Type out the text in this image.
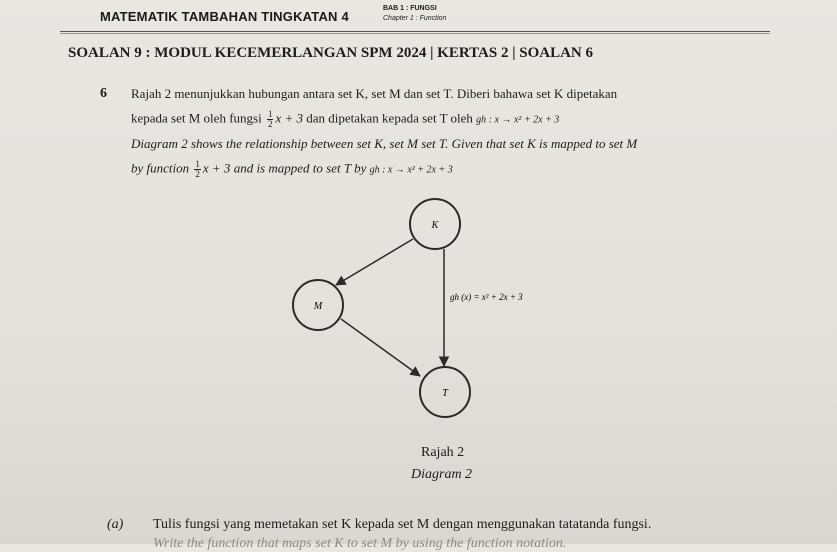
MATEMATIK TAMBAHAN TINGKATAN 4
BAB 1 : FUNGSI
Chapter 1 : Function
SOALAN 9 : MODUL KECEMERLANGAN SPM 2024 | KERTAS 2 | SOALAN 6
6 Rajah 2 menunjukkan hubungan antara set K, set M dan set T. Diberi bahawa set K dipetakan
kepada set M oleh fungsi $\frac{1}{2}$ x + 3 dan dipetakan kepada set T oleh gh : x → x² + 2x + 3
Diagram 2 shows the relationship between set K, set M set T. Given that set K is mapped to set M
by function $\frac{1}{2}$ x + 3 and is mapped to set T by gh : x → x² + 2x + 3
K
M
T
gh (x) = x² + 2x + 3
Rajah 2
Diagram 2
(a) Tulis fungsi yang memetakan set K kepada set M dengan menggunakan tatatanda fungsi.
Write the function that maps set K to set M by using the function notation.
